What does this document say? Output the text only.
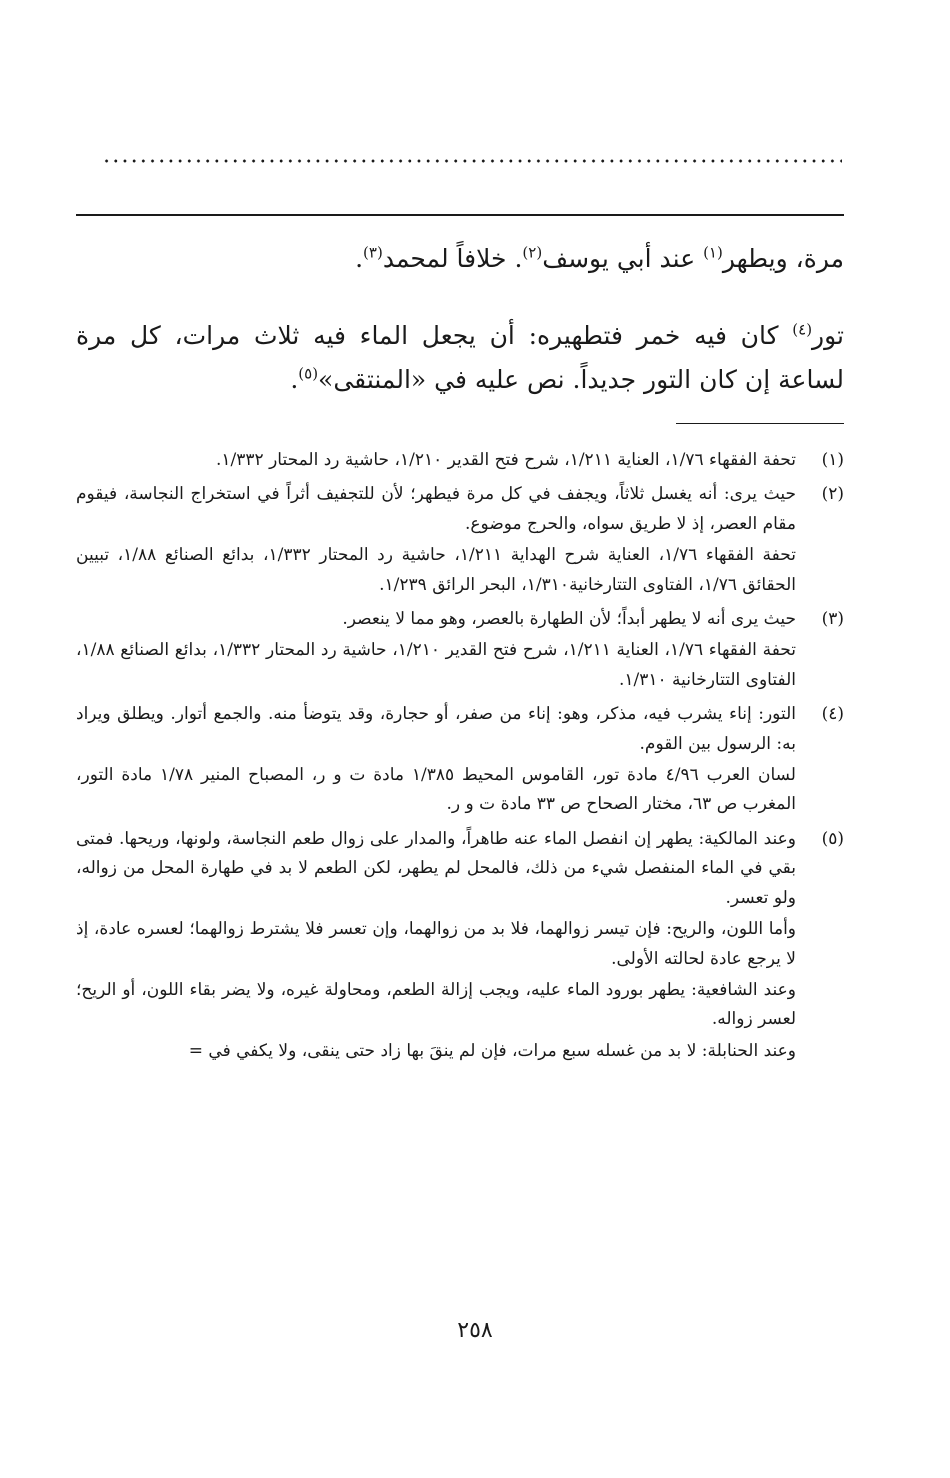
مرة، ويطهر$^{(١)}$ عند أبي يوسف$^{(٢)}$. خلافاً لمحمد$^{(٣)}$.

تور$^{(٤)}$ كان فيه خمر فتطهيره: أن يجعل الماء فيه ثلاث مرات، كل مرة لساعة إن كان التور جديداً. نص عليه في «المنتقى»$^{(٥)}$.

(١)
تحفة الفقهاء ١/٧٦، العناية ١/٢١١، شرح فتح القدير ١/٢١٠، حاشية رد المحتار ١/٣٣٢.
(٢)
حيث يرى: أنه يغسل ثلاثاً، ويجفف في كل مرة فيطهر؛ لأن للتجفيف أثراً في استخراج النجاسة، فيقوم مقام العصر، إذ لا طريق سواه، والحرج موضوع.
تحفة الفقهاء ١/٧٦، العناية شرح الهداية ١/٢١١، حاشية رد المحتار ١/٣٣٢، بدائع الصنائع ١/٨٨، تبيين الحقائق ١/٧٦، الفتاوى التتارخانية١/٣١٠، البحر الرائق ١/٢٣٩.
(٣)
حيث يرى أنه لا يطهر أبداً؛ لأن الطهارة بالعصر، وهو مما لا ينعصر.
تحفة الفقهاء ١/٧٦، العناية ١/٢١١، شرح فتح القدير ١/٢١٠، حاشية رد المحتار ١/٣٣٢، بدائع الصنائع ١/٨٨، الفتاوى التتارخانية ١/٣١٠.
(٤)
التور: إناء يشرب فيه، مذكر، وهو: إناء من صفر، أو حجارة، وقد يتوضأ منه. والجمع أتوار. ويطلق ويراد به: الرسول بين القوم.
لسان العرب ٤/٩٦ مادة تور، القاموس المحيط ١/٣٨٥ مادة ت و ر، المصباح المنير ١/٧٨ مادة التور، المغرب ص ٦٣، مختار الصحاح ص ٣٣ مادة ت و ر.
(٥)
وعند المالكية: يطهر إن انفصل الماء عنه طاهراً، والمدار على زوال طعم النجاسة، ولونها، وريحها. فمتى بقي في الماء المنفصل شيء من ذلك، فالمحل لم يطهر، لكن الطعم لا بد في طهارة المحل من زواله، ولو تعسر.
وأما اللون، والريح: فإن تيسر زوالهما، فلا بد من زوالهما، وإن تعسر فلا يشترط زوالهما؛ لعسره عادة، إذ لا يرجع عادة لحالته الأولى.
وعند الشافعية: يطهر بورود الماء عليه، ويجب إزالة الطعم، ومحاولة غيره، ولا يضر بقاء اللون، أو الريح؛ لعسر زواله.
وعند الحنابلة: لا بد من غسله سبع مرات، فإن لم ينقَ بها زاد حتى ينقى، ولا يكفي في =
٢٥٨
